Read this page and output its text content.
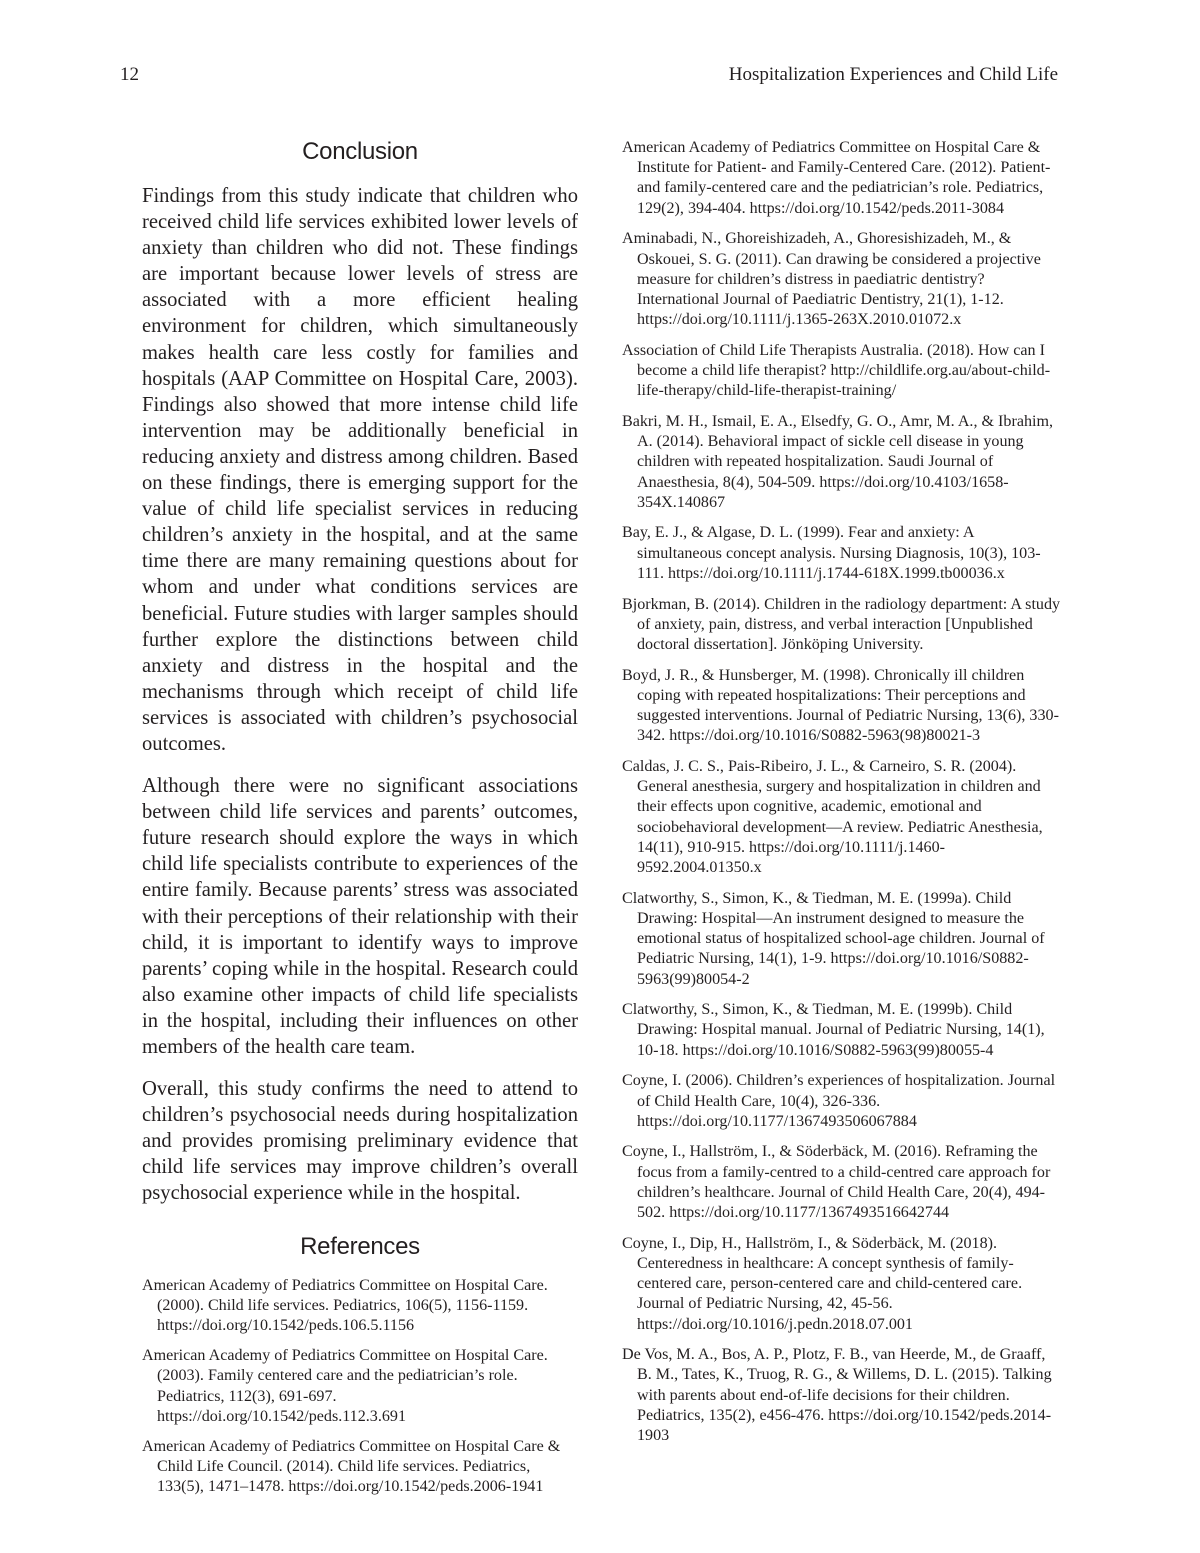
12	Hospitalization Experiences and Child Life
Conclusion

Findings from this study indicate that children who received child life services exhibited lower levels of anxiety than children who did not. These findings are important because lower levels of stress are associated with a more efficient healing environment for children, which simultaneously makes health care less costly for families and hospitals (AAP Committee on Hospital Care, 2003). Findings also showed that more intense child life intervention may be additionally beneficial in reducing anxiety and distress among children. Based on these findings, there is emerging support for the value of child life specialist services in reducing children’s anxiety in the hospital, and at the same time there are many remaining questions about for whom and under what conditions services are beneficial. Future studies with larger samples should further explore the distinctions between child anxiety and distress in the hospital and the mechanisms through which receipt of child life services is associated with children’s psychosocial outcomes.

Although there were no significant associations between child life services and parents’ outcomes, future research should explore the ways in which child life specialists contribute to experiences of the entire family. Because parents’ stress was associated with their perceptions of their relationship with their child, it is important to identify ways to improve parents’ coping while in the hospital. Research could also examine other impacts of child life specialists in the hospital, including their influences on other members of the health care team.

Overall, this study confirms the need to attend to children’s psychosocial needs during hospitalization and provides promising preliminary evidence that child life services may improve children’s overall psychosocial experience while in the hospital.

References

American Academy of Pediatrics Committee on Hospital Care. (2000). Child life services. Pediatrics, 106(5), 1156-1159. https://doi.org/10.1542/peds.106.5.1156

American Academy of Pediatrics Committee on Hospital Care. (2003). Family centered care and the pediatrician’s role. Pediatrics, 112(3), 691-697. https://doi.org/10.1542/peds.112.3.691

American Academy of Pediatrics Committee on Hospital Care & Child Life Council. (2014). Child life services. Pediatrics, 133(5), 1471–1478. https://doi.org/10.1542/peds.2006-1941

American Academy of Pediatrics Committee on Hospital Care & Institute for Patient- and Family-Centered Care. (2012). Patient- and family-centered care and the pediatrician’s role. Pediatrics, 129(2), 394-404. https://doi.org/10.1542/peds.2011-3084

Aminabadi, N., Ghoreishizadeh, A., Ghoresishizadeh, M., & Oskouei, S. G. (2011). Can drawing be considered a projective measure for children’s distress in paediatric dentistry? International Journal of Paediatric Dentistry, 21(1), 1-12. https://doi.org/10.1111/j.1365-263X.2010.01072.x

Association of Child Life Therapists Australia. (2018). How can I become a child life therapist? http://childlife.org.au/about-child-life-therapy/child-life-therapist-training/

Bakri, M. H., Ismail, E. A., Elsedfy, G. O., Amr, M. A., & Ibrahim, A. (2014). Behavioral impact of sickle cell disease in young children with repeated hospitalization. Saudi Journal of Anaesthesia, 8(4), 504-509. https://doi.org/10.4103/1658-354X.140867

Bay, E. J., & Algase, D. L. (1999). Fear and anxiety: A simultaneous concept analysis. Nursing Diagnosis, 10(3), 103-111. https://doi.org/10.1111/j.1744-618X.1999.tb00036.x

Bjorkman, B. (2014). Children in the radiology department: A study of anxiety, pain, distress, and verbal interaction [Unpublished doctoral dissertation]. Jönköping University.

Boyd, J. R., & Hunsberger, M. (1998). Chronically ill children coping with repeated hospitalizations: Their perceptions and suggested interventions. Journal of Pediatric Nursing, 13(6), 330-342. https://doi.org/10.1016/S0882-5963(98)80021-3

Caldas, J. C. S., Pais-Ribeiro, J. L., & Carneiro, S. R. (2004). General anesthesia, surgery and hospitalization in children and their effects upon cognitive, academic, emotional and sociobehavioral development—A review. Pediatric Anesthesia, 14(11), 910-915. https://doi.org/10.1111/j.1460-9592.2004.01350.x

Clatworthy, S., Simon, K., & Tiedman, M. E. (1999a). Child Drawing: Hospital—An instrument designed to measure the emotional status of hospitalized school-age children. Journal of Pediatric Nursing, 14(1), 1-9. https://doi.org/10.1016/S0882-5963(99)80054-2

Clatworthy, S., Simon, K., & Tiedman, M. E. (1999b). Child Drawing: Hospital manual. Journal of Pediatric Nursing, 14(1), 10-18. https://doi.org/10.1016/S0882-5963(99)80055-4

Coyne, I. (2006). Children’s experiences of hospitalization. Journal of Child Health Care, 10(4), 326-336. https://doi.org/10.1177/1367493506067884

Coyne, I., Hallström, I., & Söderbäck, M. (2016). Reframing the focus from a family-centred to a child-centred care approach for children’s healthcare. Journal of Child Health Care, 20(4), 494-502. https://doi.org/10.1177/1367493516642744

Coyne, I., Dip, H., Hallström, I., & Söderbäck, M. (2018). Centeredness in healthcare: A concept synthesis of family-centered care, person-centered care and child-centered care. Journal of Pediatric Nursing, 42, 45-56. https://doi.org/10.1016/j.pedn.2018.07.001

De Vos, M. A., Bos, A. P., Plotz, F. B., van Heerde, M., de Graaff, B. M., Tates, K., Truog, R. G., & Willems, D. L. (2015). Talking with parents about end-of-life decisions for their children. Pediatrics, 135(2), e456-476. https://doi.org/10.1542/peds.2014-1903
